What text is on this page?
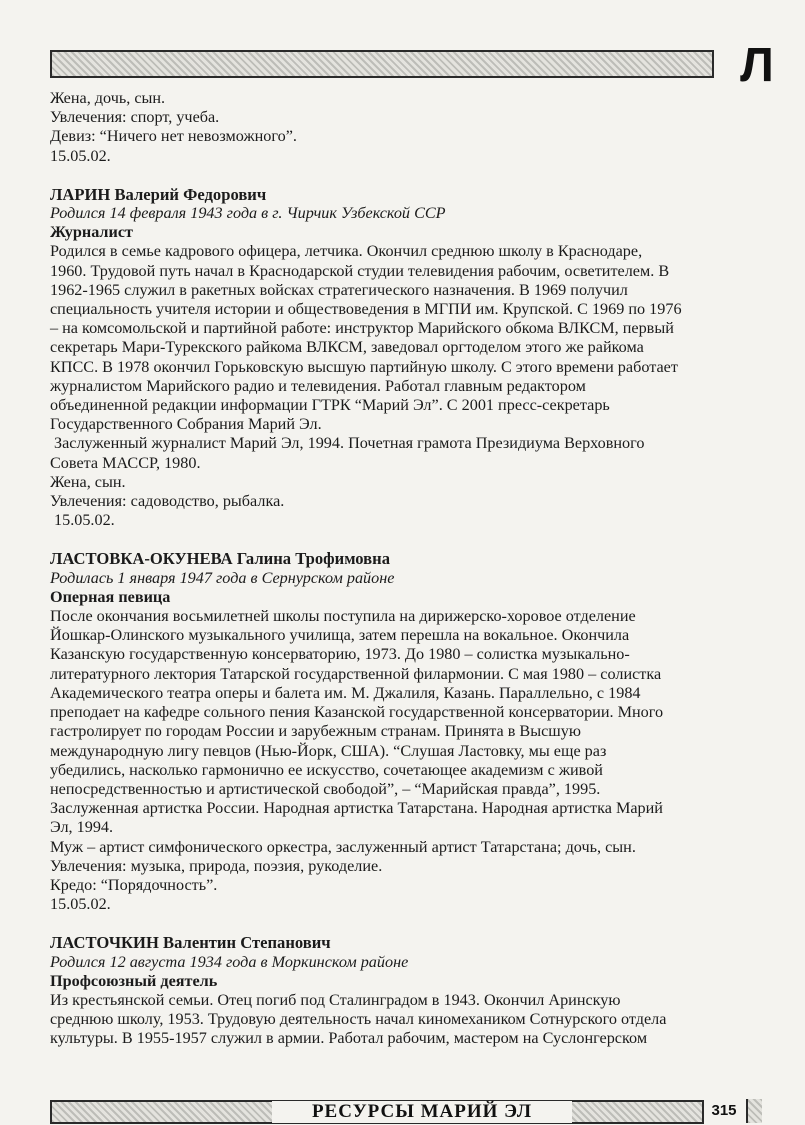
Л
Жена, дочь, сын.
Увлечения: спорт, учеба.
Девиз: “Ничего нет невозможного”.
15.05.02.
ЛАРИН Валерий Федорович
Родился 14 февраля 1943 года в г. Чирчик Узбекской ССР
Журналист
Родился в семье кадрового офицера, летчика. Окончил среднюю школу в Краснодаре,
1960. Трудовой путь начал в Краснодарской студии телевидения рабочим, осветителем. В
1962-1965 служил в ракетных войсках стратегического назначения. В 1969 получил
специальность учителя истории и обществоведения в МГПИ им. Крупской. С 1969 по 1976
– на комсомольской и партийной работе: инструктор Марийского обкома ВЛКСМ, первый
секретарь Мари-Турекского райкома ВЛКСМ, заведовал оргтоделом этого же райкома
КПСС. В 1978 окончил Горьковскую высшую партийную школу. С этого времени работает
журналистом Марийского радио и телевидения. Работал главным редактором
объединенной редакции информации ГТРК “Марий Эл”. С 2001 пресс-секретарь
Государственного Собрания Марий Эл.
Заслуженный журналист Марий Эл, 1994. Почетная грамота Президиума Верховного
Совета МАССР, 1980.
Жена, сын.
Увлечения: садоводство, рыбалка.
15.05.02.
ЛАСТОВКА-ОКУНЕВА Галина Трофимовна
Родилась 1 января 1947 года в Сернурском районе
Оперная певица
После окончания восьмилетней школы поступила на дирижерско-хоровое отделение
Йошкар-Олинского музыкального училища, затем перешла на вокальное. Окончила
Казанскую государственную консерваторию, 1973. До 1980 – солистка музыкально-
литературного лектория Татарской государственной филармонии. С мая 1980 – солистка
Академического театра оперы и балета им. М. Джалиля, Казань. Параллельно, с 1984
преподает на кафедре сольного пения Казанской государственной консерватории. Много
гастролирует по городам России и зарубежным странам. Принята в Высшую
международную лигу певцов (Нью-Йорк, США). “Слушая Ластовку, мы еще раз
убедились, насколько гармонично ее искусство, сочетающее академизм с живой
непосредственностью и артистической свободой”, – “Марийская правда”, 1995.
Заслуженная артистка России. Народная артистка Татарстана. Народная артистка Марий
Эл, 1994.
Муж – артист симфонического оркестра, заслуженный артист Татарстана; дочь, сын.
Увлечения: музыка, природа, поэзия, рукоделие.
Кредо: “Порядочность”.
15.05.02.
ЛАСТОЧКИН Валентин Степанович
Родился 12 августа 1934 года в Моркинском районе
Профсоюзный деятель
Из крестьянской семьи. Отец погиб под Сталинградом в 1943. Окончил Аринскую
среднюю школу, 1953. Трудовую деятельность начал киномехаником Сотнурского отдела
культуры. В 1955-1957 служил в армии. Работал рабочим, мастером на Суслонгерском
РЕСУРСЫ МАРИЙ ЭЛ	315
